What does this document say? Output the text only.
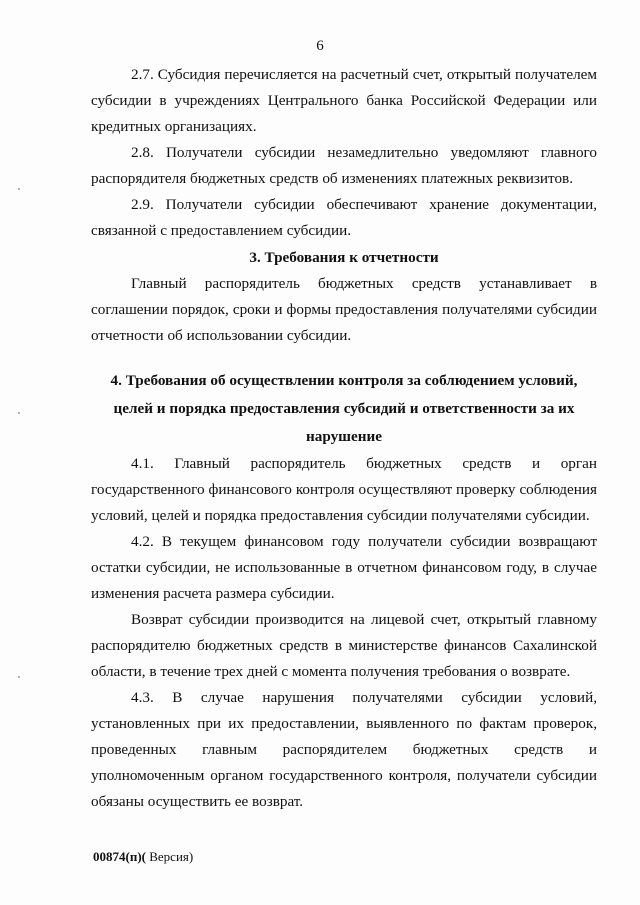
6

2.7. Субсидия перечисляется на расчетный счет, открытый получателем субсидии в учреждениях Центрального банка Российской Федерации или кредитных организациях.

2.8. Получатели субсидии незамедлительно уведомляют главного распорядителя бюджетных средств об изменениях платежных реквизитов.

2.9. Получатели субсидии обеспечивают хранение документации, связанной с предоставлением субсидии.

3. Требования к отчетности

Главный распорядитель бюджетных средств устанавливает в соглашении порядок, сроки и формы предоставления получателями субсидии отчетности об использовании субсидии.

4. Требования об осуществлении контроля за соблюдением условий, целей и порядка предоставления субсидий и ответственности за их нарушение

4.1. Главный распорядитель бюджетных средств и орган государственного финансового контроля осуществляют проверку соблюдения условий, целей и порядка предоставления субсидии получателями субсидии.

4.2. В текущем финансовом году получатели субсидии возвращают остатки субсидии, не использованные в отчетном финансовом году, в случае изменения расчета размера субсидии.

Возврат субсидии производится на лицевой счет, открытый главному распорядителю бюджетных средств в министерстве финансов Сахалинской области, в течение трех дней с момента получения требования о возврате.

4.3. В случае нарушения получателями субсидии условий, установленных при их предоставлении, выявленного по фактам проверок, проведенных главным распорядителем бюджетных средств и уполномоченным органом государственного контроля, получатели субсидии обязаны осуществить ее возврат.

00874(п)( Версия)
